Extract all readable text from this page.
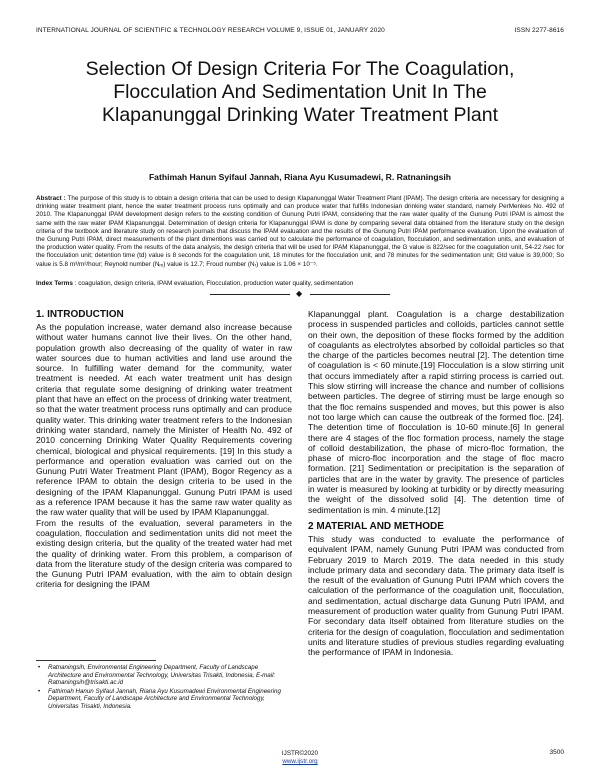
INTERNATIONAL JOURNAL OF SCIENTIFIC & TECHNOLOGY RESEARCH VOLUME 9, ISSUE 01, JANUARY 2020	ISSN 2277-8616
Selection Of Design Criteria For The Coagulation, Flocculation And Sedimentation Unit In The Klapanunggal Drinking Water Treatment Plant
Fathimah Hanun Syifaul Jannah, Riana Ayu Kusumadewi, R. Ratnaningsih
Abstract : The purpose of this study is to obtain a design criteria that can be used to design Klapanunggal Water Treatment Plant (IPAM). The design criteria are necessary for designing a drinking water treatment plant, hence the water treatment process runs optimally and can produce water that fulfills Indonesian drinking water standard, namely PerMenkes No. 492 of 2010. The Klapanunggal IPAM development design refers to the existing condition of Gunung Putri IPAM, considering that the raw water quality of the Gunung Putri IPAM is almost the same with the raw water IPAM Klapanunggal. Determination of design criteria for Klapanunggal IPAM is done by comparing several data obtained from the literature study on the design criteria of the textbook and literature study on research journals that discuss the IPAM evaluation and the results of the Gunung Putri IPAM performance evaluation. Upon the evaluation of the Gunung Putri IPAM, direct measurements of the plant dimentions was carried out to calculate the performance of coagulation, flocculation, and sedimentation units, and evaluation of the production water quality. From the results of the data analysis, the design criteria that will be used for IPAM Klapanunggal, the G value is 822/sec for the coagulation unit, 54-22 /sec for the flocculation unit; detention time (td) value is 8 seconds for the coagulation unit, 18 minutes for the flocculation unit, and 78 minutes for the sedimentation unit; Gtd value is 39,000; So value is 5.8 m³/m²/hour; Reynold number (Nᵣₑ) value is 12.7; Froud number (Nᵣ) value is 1.06 × 10⁻⁵.
Index Terms : coagulation, design criteria, IPAM evaluation, Flocculation, production water quality, sedimentation
◆
1. INTRODUCTION

As the population increase, water demand also increase because without water humans cannot live their lives. On the other hand, population growth also decreasing of the quality of water in raw water sources due to human activities and land use around the source. In fulfilling water demand for the community, water treatment is needed. At each water treatment unit has design criteria that regulate some designing of drinking water treatment plant that have an effect on the process of drinking water treatment, so that the water treatment process runs optimally and can produce quality water. This drinking water treatment refers to the Indonesian drinking water standard, namely the Minister of Health No. 492 of 2010 concerning Drinking Water Quality Requirements covering chemical, biological and physical requirements. [19] In this study a performance and operation evaluation was carried out on the Gunung Putri Water Treatment Plant (IPAM), Bogor Regency as a reference IPAM to obtain the design criteria to be used in the designing of the IPAM Klapanunggal. Gunung Putri IPAM is used as a reference IPAM because it has the same raw water quality as the raw water quality that will be used by IPAM Klapanunggal.

From the results of the evaluation, several parameters in the coagulation, flocculation and sedimentation units did not meet the existing design criteria, but the quality of the treated water had met the quality of drinking water. From this problem, a comparison of data from the literature study of the design criteria was compared to the Gunung Putri IPAM evaluation, with the aim to obtain design criteria for designing the IPAM

Klapanunggal plant. Coagulation is a charge destabilization process in suspended particles and colloids, particles cannot settle on their own, the deposition of these flocks formed by the addition of coagulants as electrolytes absorbed by colloidal particles so that the charge of the particles becomes neutral [2]. The detention time of coagulation is < 60 minute.[19] Flocculation is a slow stirring unit that occurs immediately after a rapid stirring process is carried out. This slow stirring will increase the chance and number of collisions between particles. The degree of stirring must be large enough so that the floc remains suspended and moves, but this power is also not too large which can cause the outbreak of the formed floc. [24]. The detention time of flocculation is 10-60 minute.[6] In general there are 4 stages of the floc formation process, namely the stage of colloid destabilization, the phase of micro-floc formation, the phase of micro-floc incorporation and the stage of floc macro formation. [21] Sedimentation or precipitation is the separation of particles that are in the water by gravity. The presence of particles in water is measured by looking at turbidity or by directly measuring the weight of the dissolved solid [4]. The detention time of sedimentation is min. 4 minute.[12]

2 MATERIAL AND METHODE

This study was conducted to evaluate the performance of equivalent IPAM, namely Gunung Putri IPAM was conducted from February 2019 to March 2019. The data needed in this study include primary data and secondary data. The primary data itself is the result of the evaluation of Gunung Putri IPAM which covers the calculation of the performance of the coagulation unit, flocculation, and sedimentation, actual discharge data Gunung Putri IPAM, and measurement of production water quality from Gunung Putri IPAM. For secondary data itself obtained from literature studies on the criteria for the design of coagulation, flocculation and sedimentation units and literature studies of previous studies regarding evaluating the performance of IPAM in Indonesia.

• Ratnaningsih, Environmental Engineering Department, Faculty of Landscape Architecture and Environmental Technology, Universitas Trisakti, Indonesia, E-mail: Ratnaningsih@trisakti.ac.id
• Fathimah Hanun Syifaul Jannah, Riana Ayu Kusumadewi Environmental Engineering Department, Faculty of Landscape Architecture and Environmental Technology, Universitas Trisakti, Indonesia.
3500
IJSTR©2020
www.ijstr.org
